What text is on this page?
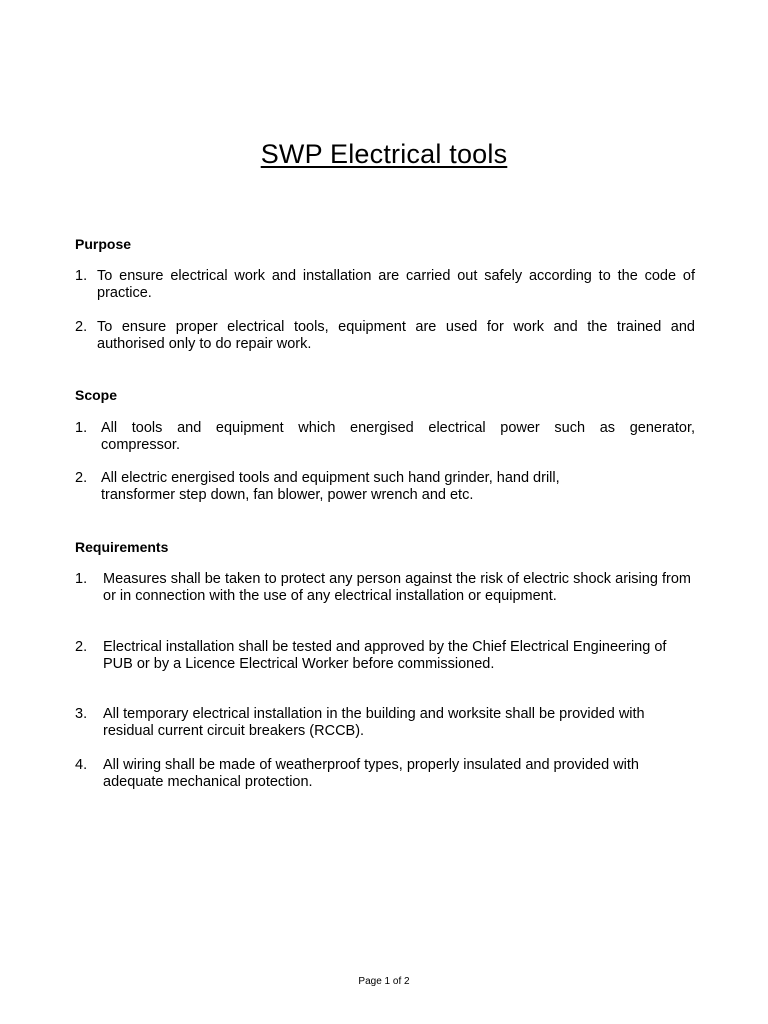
SWP Electrical tools
Purpose
1. To ensure electrical work and installation are carried out safely according to the code of practice.
2. To ensure proper electrical tools, equipment are used for work and the trained and authorised only to do repair work.
Scope
1. All tools and equipment which energised electrical power such as generator, compressor.
2. All electric energised tools and equipment such hand grinder, hand drill, transformer step down, fan blower, power wrench and etc.
Requirements
1. Measures shall be taken to protect any person against the risk of electric shock arising from or in connection with the use of any electrical installation or equipment.
2. Electrical installation shall be tested and approved by the Chief Electrical Engineering of PUB or by a Licence Electrical Worker before commissioned.
3. All temporary electrical installation in the building and worksite shall be provided with residual current circuit breakers (RCCB).
4. All wiring shall be made of weatherproof types, properly insulated and provided with adequate mechanical protection.
Page 1 of 2
